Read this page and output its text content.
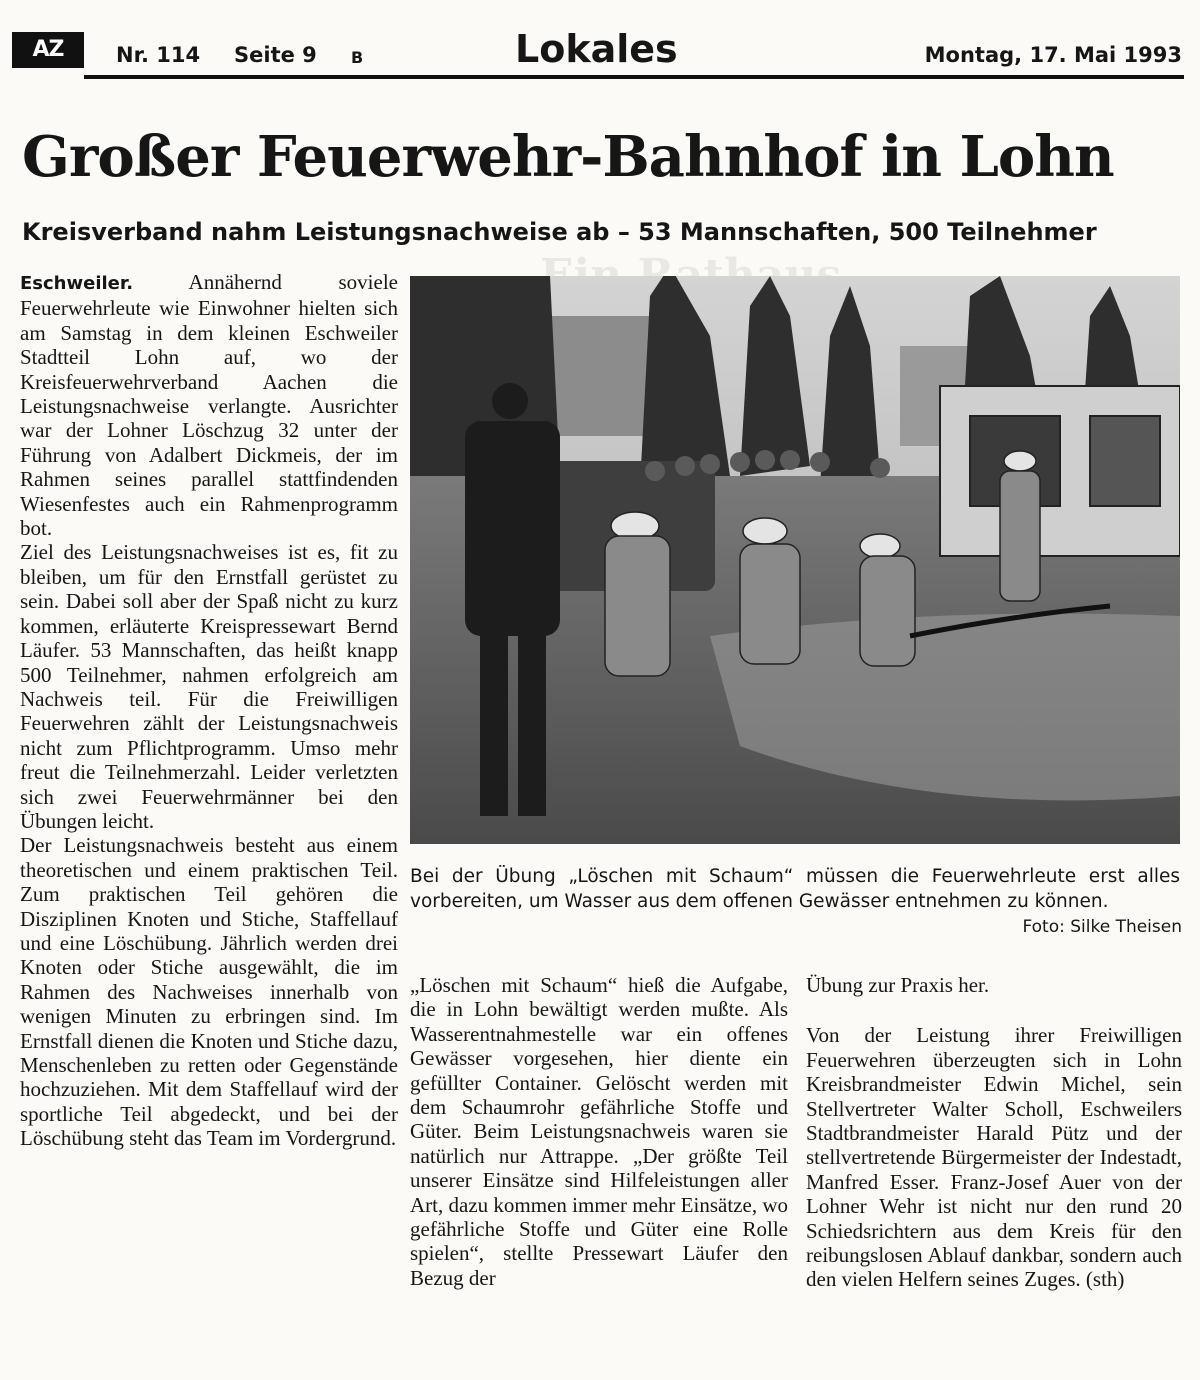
AZ	Nr. 114 Seite 9 B	Lokales	Montag, 17. Mai 1993
Großer Feuerwehr-Bahnhof in Lohn
Kreisverband nahm Leistungsnachweise ab – 53 Mannschaften, 500 Teilnehmer

Eschweiler.	Annähernd soviele Feuerwehrleute wie Einwohner hielten sich am Samstag in dem kleinen Eschweiler Stadtteil Lohn auf, wo der Kreisfeuerwehrverband Aachen die Leistungsnachweise verlangte. Ausrichter war der Lohner Löschzug 32 unter der Führung von Adalbert Dickmeis, der im Rahmen seines parallel stattfindenden Wiesenfestes auch ein Rahmenprogramm bot.

Ziel des Leistungsnachweises ist es, fit zu bleiben, um für den Ernstfall gerüstet zu sein. Dabei soll aber der Spaß nicht zu kurz kommen, erläuterte Kreispressewart Bernd Läufer. 53 Mannschaften, das heißt knapp 500 Teilnehmer, nahmen erfolgreich am Nachweis teil. Für die Freiwilligen Feuerwehren zählt der Leistungsnachweis nicht zum Pflichtprogramm. Umso mehr freut die Teilnehmerzahl. Leider verletzten sich zwei Feuerwehrmänner bei den Übungen leicht.

Der Leistungsnachweis besteht aus einem theoretischen und einem praktischen Teil. Zum praktischen Teil gehören die Disziplinen Knoten und Stiche, Staffellauf und eine Löschübung. Jährlich werden drei Knoten oder Stiche ausgewählt, die im Rahmen des Nachweises innerhalb von wenigen Minuten zu erbringen sind. Im Ernstfall dienen die Knoten und Stiche dazu, Menschenleben zu retten oder Gegenstände hochzuziehen. Mit dem Staffellauf wird der sportliche Teil abgedeckt, und bei der Löschübung steht das Team im Vordergrund.

Bei der Übung „Löschen mit Schaum“ müssen die Feuerwehrleute erst alles vorbereiten, um Wasser aus dem offenen Gewässer entnehmen zu können.
Foto: Silke Theisen

„Löschen mit Schaum“ hieß die Aufgabe, die in Lohn bewältigt werden mußte. Als Wasserentnahmestelle war ein offenes Gewässer vorgesehen, hier diente ein gefüllter Container. Gelöscht werden mit dem Schaumrohr gefährliche Stoffe und Güter. Beim Leistungsnachweis waren sie natürlich nur Attrappe. „Der größte Teil unserer Einsätze sind Hilfeleistungen aller Art, dazu kommen immer mehr Einsätze, wo gefährliche Stoffe und Güter eine Rolle spielen“, stellte Pressewart Läufer den Bezug der

Übung zur Praxis her.

Von der Leistung ihrer Freiwilligen Feuerwehren überzeugten sich in Lohn Kreisbrandmeister Edwin Michel, sein Stellvertreter Walter Scholl, Eschweilers Stadtbrandmeister Harald Pütz und der stellvertretende Bürgermeister der Indestadt, Manfred Esser. Franz-Josef Auer von der Lohner Wehr ist nicht nur den rund 20 Schiedsrichtern aus dem Kreis für den reibungslosen Ablauf dankbar, sondern auch den vielen Helfern seines Zuges. (sth)
